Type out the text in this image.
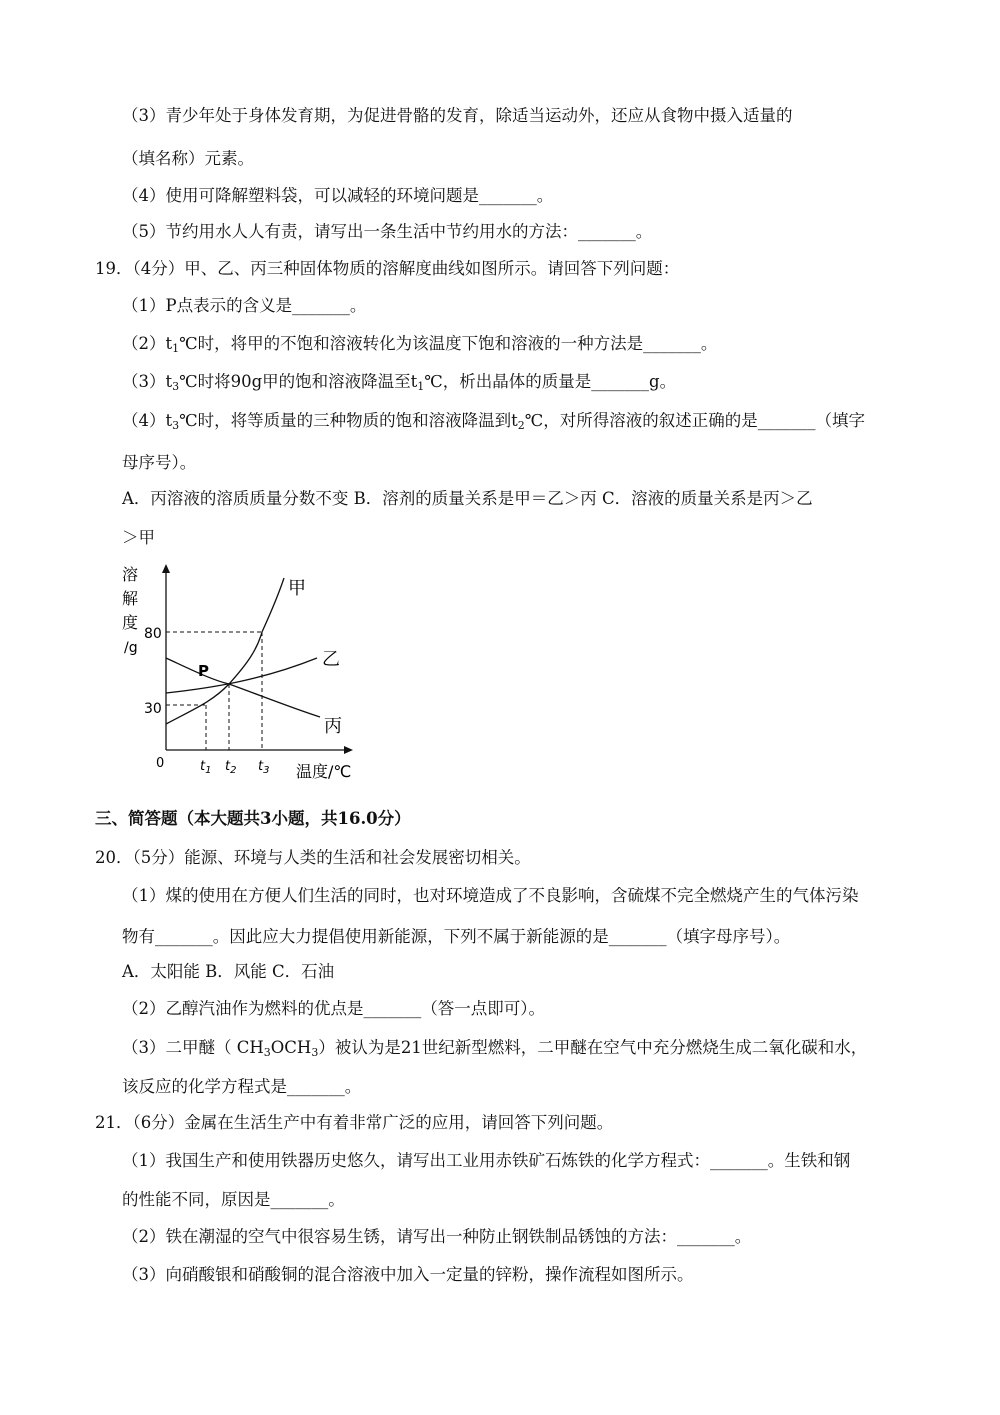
（3）青少年处于身体发育期，为促进骨骼的发育，除适当运动外，还应从食物中摄入适量的
（填名称）元素。
（4）使用可降解塑料袋，可以减轻的环境问题是_______。
（5）节约用水人人有责，请写出一条生活中节约用水的方法：_______。
19．（4分）甲、乙、丙三种固体物质的溶解度曲线如图所示。请回答下列问题：
（1）P点表示的含义是_______。
$(2)t_1℃$时，将甲的不饱和溶液转化为该温度下饱和溶液的一种方法是_______。
$(3)t_3℃$时将90g甲的饱和溶液降温至$t_1℃$，析出晶体的质量是_______g。
$(4)t_3℃$时，将等质量的三种物质的饱和溶液降温到$t_2℃$，对所得溶液的叙述正确的是_______（填字
母序号）。
A．丙溶液的溶质质量分数不变 B．溶剂的质量关系是甲＝乙＞丙 C．溶液的质量关系是丙＞乙
＞甲
溶
解
度
/g
80
30
0	$t_1$ $t_2$ $t_3$ 温度/℃
甲
乙
丙
P
三、简答题（本大题共3小题，共16.0分）
20．（5分）能源、环境与人类的生活和社会发展密切相关。
（1）煤的使用在方便人们生活的同时，也对环境造成了不良影响，含硫煤不完全燃烧产生的气体污染
物有_______。因此应大力提倡使用新能源，下列不属于新能源的是_______（填字母序号）。
A．太阳能 B．风能 C．石油
（2）乙醇汽油作为燃料的优点是_______（答一点即可）。
（3）二甲醚（ $CH_3OCH_3$）被认为是21世纪新型燃料，二甲醚在空气中充分燃烧生成二氧化碳和水，
该反应的化学方程式是_______。
21．（6分）金属在生活生产中有着非常广泛的应用，请回答下列问题。
（1）我国生产和使用铁器历史悠久，请写出工业用赤铁矿石炼铁的化学方程式：_______。生铁和钢
的性能不同，原因是_______。
（2）铁在潮湿的空气中很容易生锈，请写出一种防止钢铁制品锈蚀的方法：_______。
（3）向硝酸银和硝酸铜的混合溶液中加入一定量的锌粉，操作流程如图所示。
